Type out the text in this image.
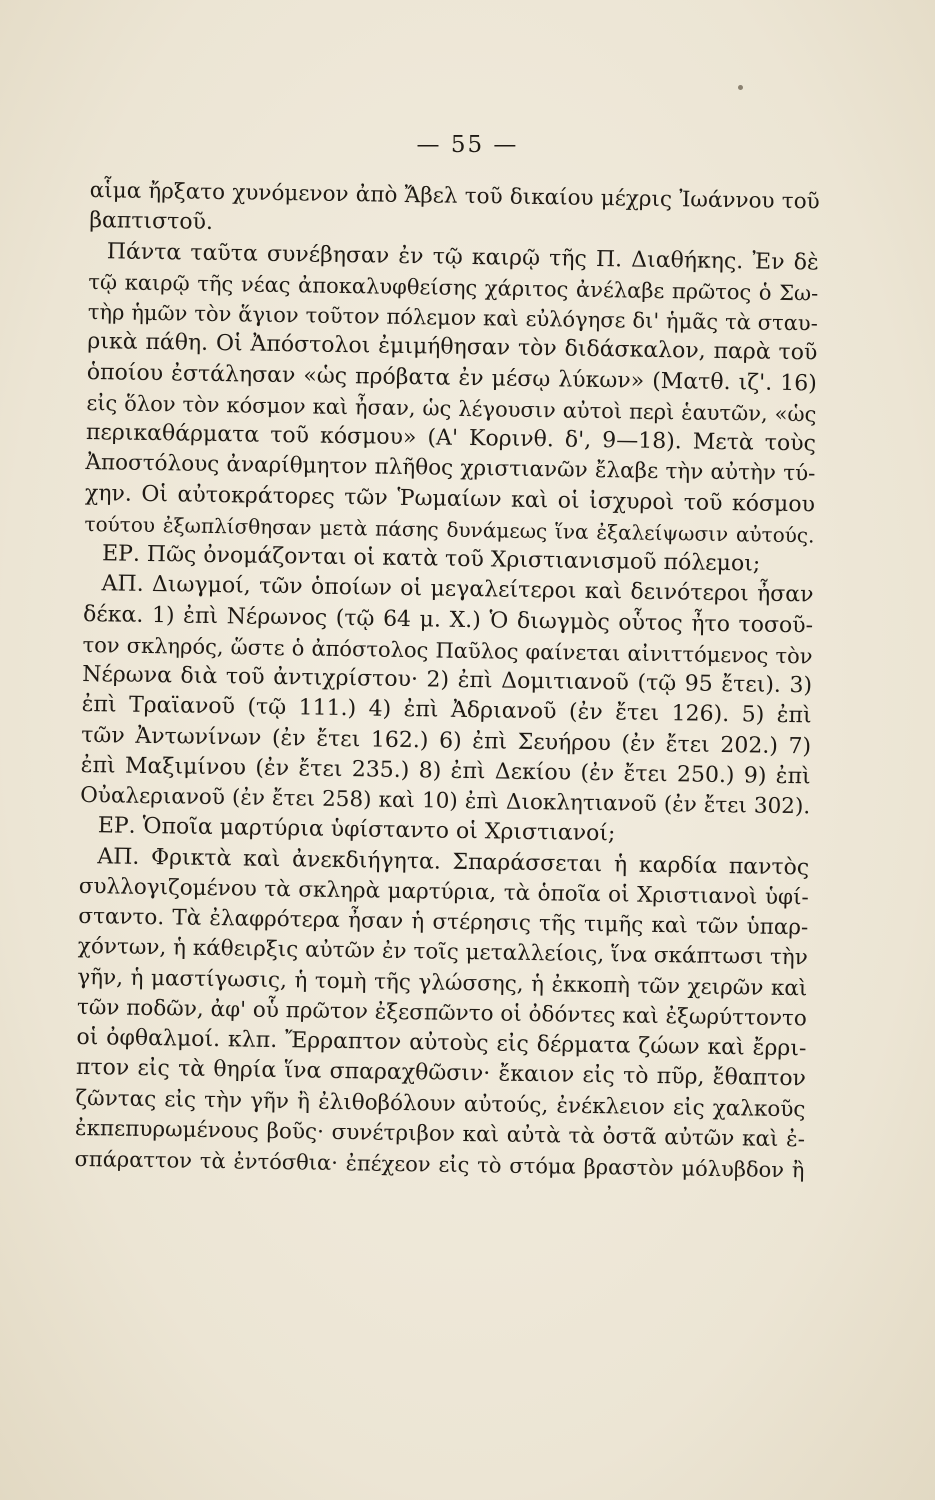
— 55 —
αἷμα ἤρξατο χυνόμενον ἀπὸ Ἄβελ τοῦ δικαίου μέχρις Ἰωάννου τοῦ
βαπτιστοῦ.
Πάντα ταῦτα συνέβησαν ἐν τῷ καιρῷ τῆς Π. Διαθήκης. Ἐν δὲ
τῷ καιρῷ τῆς νέας ἀποκαλυφθείσης χάριτος ἀνέλαβε πρῶτος ὁ Σω-
τὴρ ἡμῶν τὸν ἅγιον τοῦτον πόλεμον καὶ εὐλόγησε δι' ἡμᾶς τὰ σταυ-
ρικὰ πάθη. Οἱ Ἀπόστολοι ἐμιμήθησαν τὸν διδάσκαλον, παρὰ τοῦ
ὁποίου ἐστάλησαν «ὡς πρόβατα ἐν μέσῳ λύκων» (Ματθ. ιζ'. 16)
εἰς ὅλον τὸν κόσμον καὶ ἦσαν, ὡς λέγουσιν αὐτοὶ περὶ ἑαυτῶν, «ὡς
περικαθάρματα τοῦ κόσμου» (Α' Κορινθ. δ', 9—18). Μετὰ τοὺς
Ἀποστόλους ἀναρίθμητον πλῆθος χριστιανῶν ἔλαβε τὴν αὐτὴν τύ-
χην. Οἱ αὐτοκράτορες τῶν Ῥωμαίων καὶ οἱ ἰσχυροὶ τοῦ κόσμου
τούτου ἐξωπλίσθησαν μετὰ πάσης δυνάμεως ἵνα ἐξαλείψωσιν αὐτούς.
ΕΡ. Πῶς ὀνομάζονται οἱ κατὰ τοῦ Χριστιανισμοῦ πόλεμοι;
ΑΠ. Διωγμοί, τῶν ὁποίων οἱ μεγαλείτεροι καὶ δεινότεροι ἦσαν
δέκα. 1) ἐπὶ Νέρωνος (τῷ 64 μ. Χ.) Ὁ διωγμὸς οὗτος ἦτο τοσοῦ-
τον σκληρός, ὥστε ὁ ἀπόστολος Παῦλος φαίνεται αἰνιττόμενος τὸν
Νέρωνα διὰ τοῦ ἀντιχρίστου· 2) ἐπὶ Δομιτιανοῦ (τῷ 95 ἔτει). 3)
ἐπὶ Τραϊανοῦ (τῷ 111.) 4) ἐπὶ Ἀδριανοῦ (ἐν ἔτει 126). 5) ἐπὶ
τῶν Ἀντωνίνων (ἐν ἔτει 162.) 6) ἐπὶ Σευήρου (ἐν ἔτει 202.) 7)
ἐπὶ Μαξιμίνου (ἐν ἔτει 235.) 8) ἐπὶ Δεκίου (ἐν ἔτει 250.) 9) ἐπὶ
Οὐαλεριανοῦ (ἐν ἔτει 258) καὶ 10) ἐπὶ Διοκλητιανοῦ (ἐν ἔτει 302).
ΕΡ. Ὁποῖα μαρτύρια ὑφίσταντο οἱ Χριστιανοί;
ΑΠ. Φρικτὰ καὶ ἀνεκδιήγητα. Σπαράσσεται ἡ καρδία παντὸς
συλλογιζομένου τὰ σκληρὰ μαρτύρια, τὰ ὁποῖα οἱ Χριστιανοὶ ὑφί-
σταντο. Τὰ ἐλαφρότερα ἦσαν ἡ στέρησις τῆς τιμῆς καὶ τῶν ὑπαρ-
χόντων, ἡ κάθειρξις αὐτῶν ἐν τοῖς μεταλλείοις, ἵνα σκάπτωσι τὴν
γῆν, ἡ μαστίγωσις, ἡ τομὴ τῆς γλώσσης, ἡ ἐκκοπὴ τῶν χειρῶν καὶ
τῶν ποδῶν, ἀφ' οὗ πρῶτον ἐξεσπῶντο οἱ ὀδόντες καὶ ἐξωρύττοντο
οἱ ὀφθαλμοί. κλπ. Ἔρραπτον αὐτοὺς εἰς δέρματα ζώων καὶ ἔρρι-
πτον εἰς τὰ θηρία ἵνα σπαραχθῶσιν· ἔκαιον εἰς τὸ πῦρ, ἔθαπτον
ζῶντας εἰς τὴν γῆν ἢ ἐλιθοβόλουν αὐτούς, ἐνέκλειον εἰς χαλκοῦς
ἐκπεπυρωμένους βοῦς· συνέτριβον καὶ αὐτὰ τὰ ὀστᾶ αὐτῶν καὶ ἐ-
σπάραττον τὰ ἐντόσθια· ἐπέχεον εἰς τὸ στόμα βραστὸν μόλυβδον ἢ
